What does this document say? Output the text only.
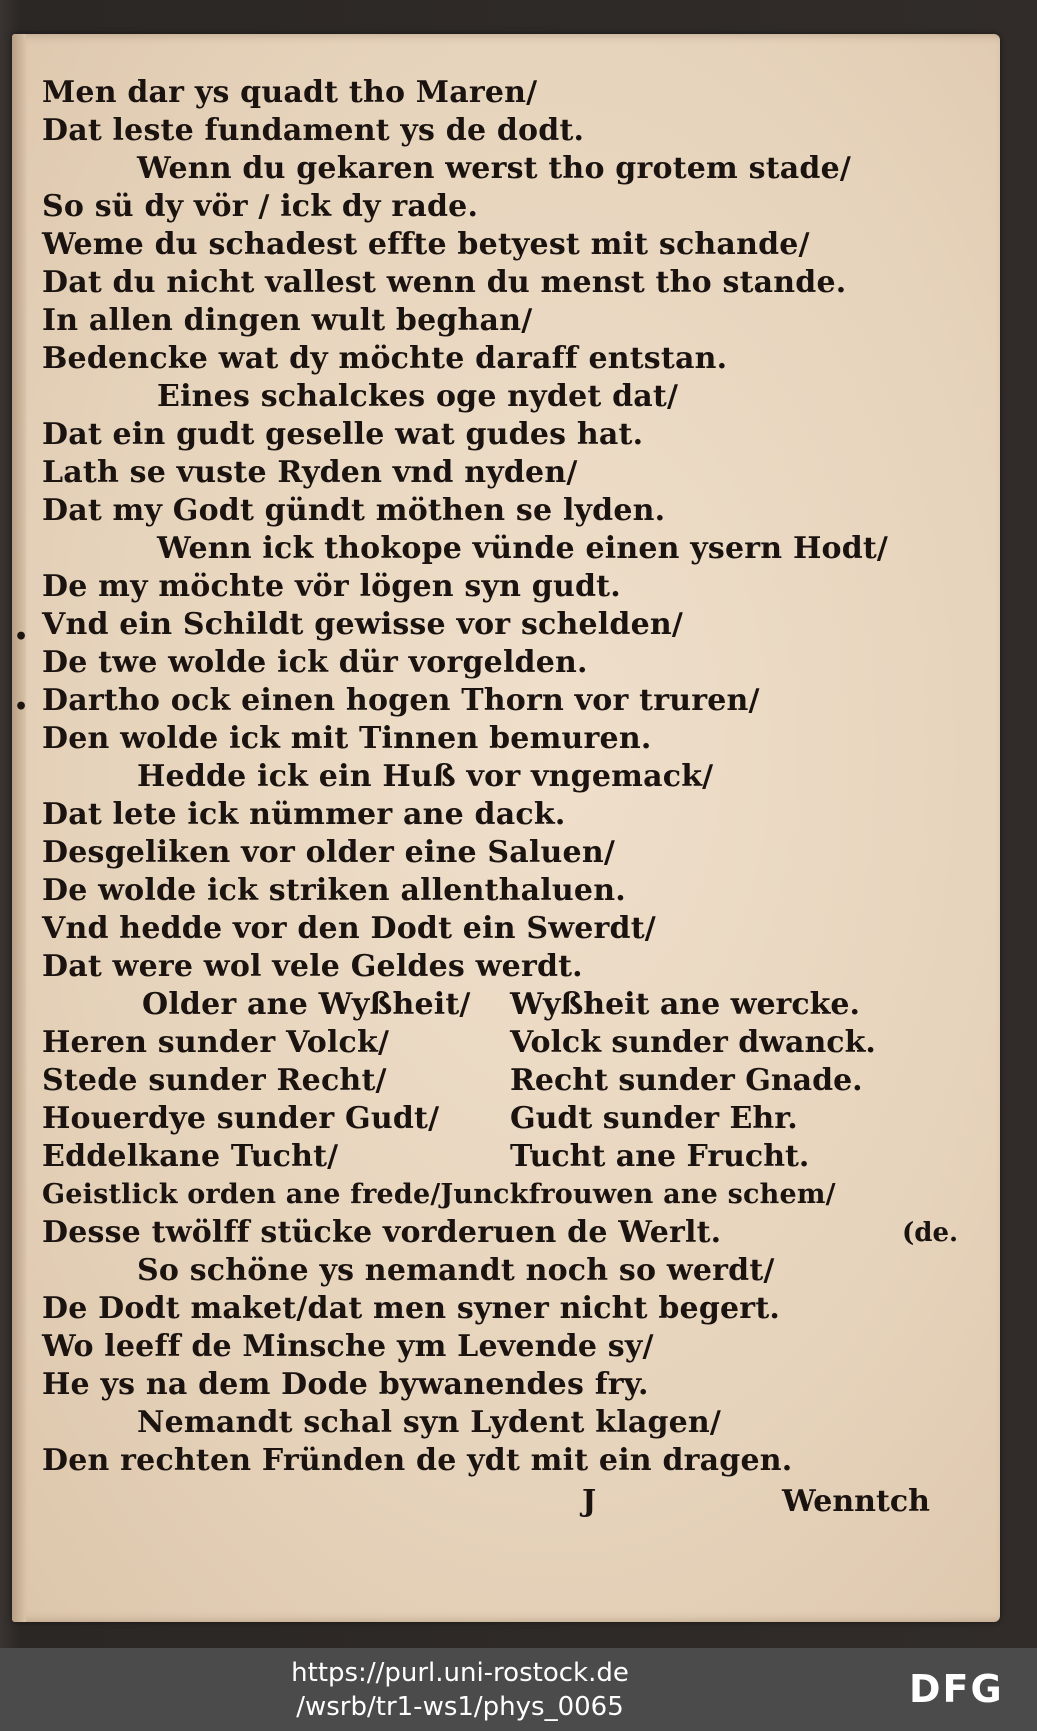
•
•
Men dar ys quadt tho Maren/
Dat leste fundament ys de dodt.
Wenn du gekaren werst tho grotem stade/
So sü dy vör / ick dy rade.
Weme du schadest effte betyest mit schande/
Dat du nicht vallest wenn du menst tho stande.
In allen dingen wult beghan/
Bedencke wat dy möchte daraff entstan.
Eines schalckes oge nydet dat/
Dat ein gudt geselle wat gudes hat.
Lath se vuste Ryden vnd nyden/
Dat my Godt gündt möthen se lyden.
Wenn ick thokope vünde einen ysern Hodt/
De my möchte vör lögen syn gudt.
Vnd ein Schildt gewisse vor schelden/
De twe wolde ick dür vorgelden.
Dartho ock einen hogen Thorn vor truren/
Den wolde ick mit Tinnen bemuren.
Hedde ick ein Huß vor vngemack/
Dat lete ick nümmer ane dack.
Desgeliken vor older eine Saluen/
De wolde ick striken allenthaluen.
Vnd hedde vor den Dodt ein Swerdt/
Dat were wol vele Geldes werdt.
Older ane Wyßheit/ Wyßheit ane wercke.
Heren sunder Volck/	Volck sunder dwanck.
Stede sunder Recht/	Recht sunder Gnade.
Houerdye sunder Gudt/ Gudt sunder Ehr.
Eddelkane Tucht/	Tucht ane Frucht.
Geistlick orden ane frede/Junckfrouwen ane schem/
Desse twölff stücke vorderuen de Werlt.	(de.
So schöne ys nemandt noch so werdt/
De Dodt maket/dat men syner nicht begert.
Wo leeff de Minsche ym Levende sy/
He ys na dem Dode bywanendes fry.
Nemandt schal syn Lydent klagen/
Den rechten Fründen de ydt mit ein dragen.
J	Wenntch
https://purl.uni-rostock.de
/wsrb/tr1-ws1/phys_0065	DFG
